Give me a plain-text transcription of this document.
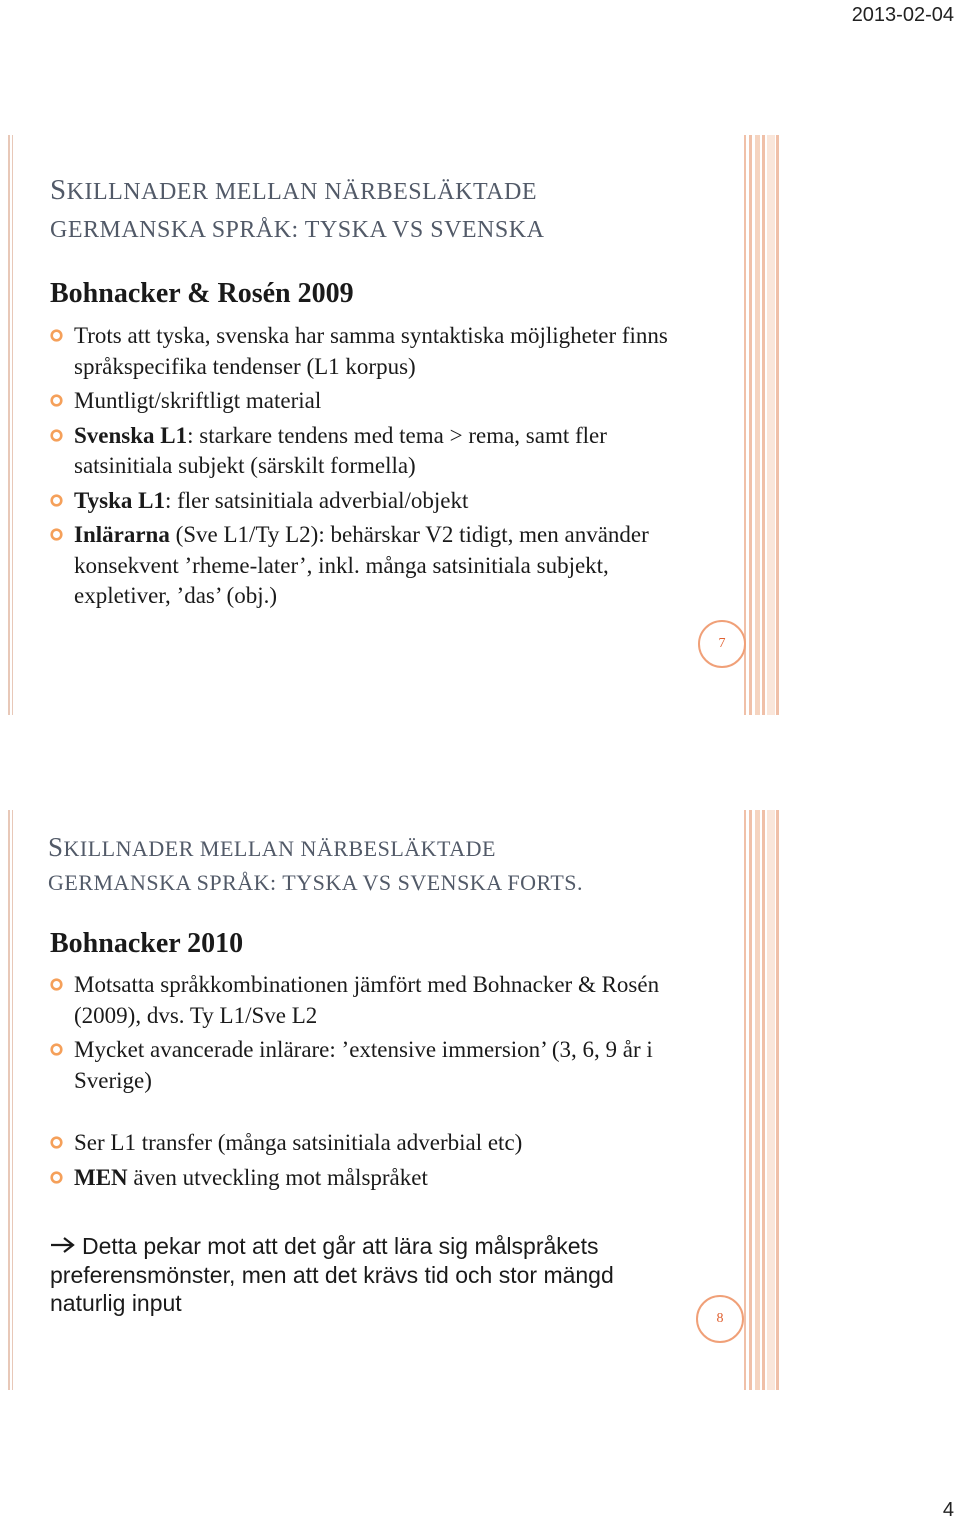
2013-02-04
SKILLNADER MELLAN NÄRBESLÄKTADE
GERMANSKA SPRÅK: TYSKA VS SVENSKA
Bohnacker & Rosén 2009
Trots att tyska, svenska har samma syntaktiska möjligheter finns språkspecifika tendenser (L1 korpus)
Muntligt/skriftligt material
Svenska L1: starkare tendens med tema > rema, samt fler satsinitiala subjekt (särskilt formella)
Tyska L1: fler satsinitiala adverbial/objekt
Inlärarna (Sve L1/Ty L2): behärskar V2 tidigt, men använder konsekvent ’rheme-later’, inkl. många satsinitiala subjekt, expletiver, ’das’ (obj.)
7
SKILLNADER MELLAN NÄRBESLÄKTADE
GERMANSKA SPRÅK: TYSKA VS SVENSKA FORTS.
Bohnacker 2010
Motsatta språkkombinationen jämfört med Bohnacker & Rosén (2009), dvs. Ty L1/Sve L2
Mycket avancerade inlärare: ’extensive immersion’ (3, 6, 9 år i Sverige)
Ser L1 transfer (många satsinitiala adverbial etc)
MEN även utveckling mot målspråket

Detta pekar mot att det går att lära sig målspråkets preferensmönster, men att det krävs tid och stor mängd naturlig input

8
4
